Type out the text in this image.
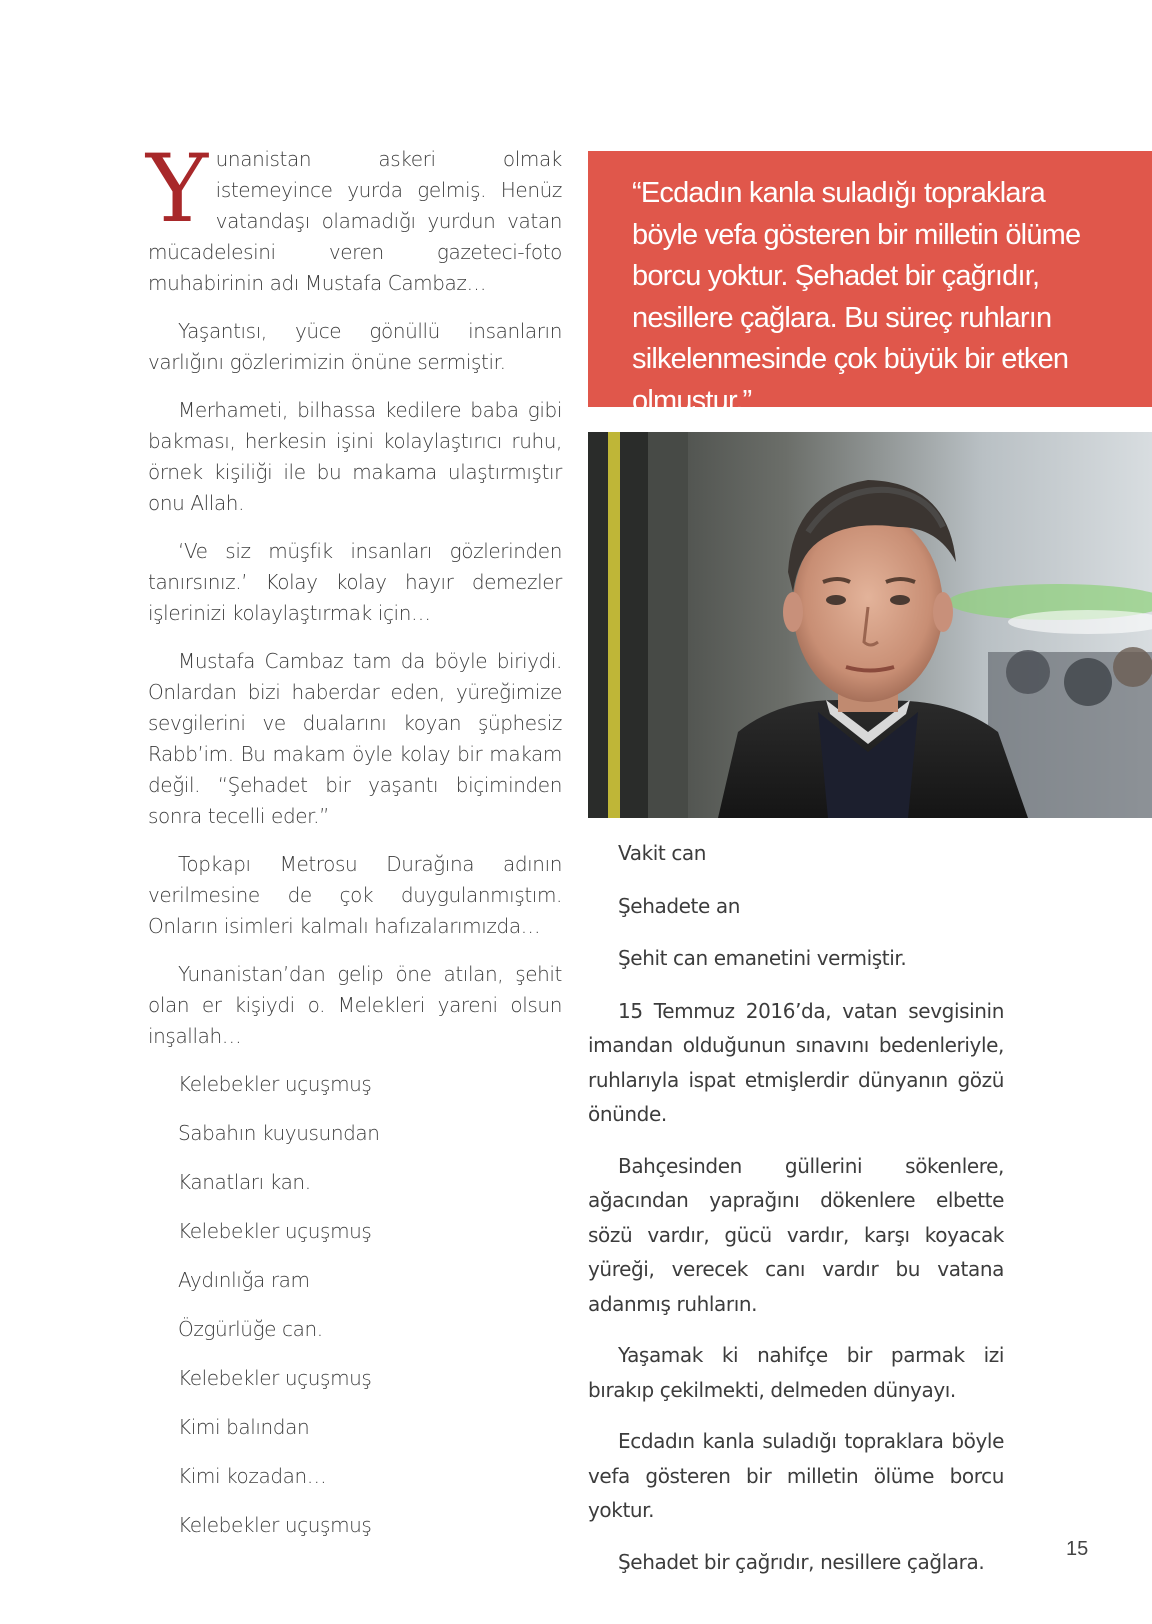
Yunanistan askeri olmak istemeyince yurda gelmiş. Henüz vatandaşı olamadığı yurdun vatan mücadelesini veren gazeteci-foto muhabirinin adı Mustafa Cambaz…

Yaşantısı, yüce gönüllü insanların varlığını gözlerimizin önüne sermiştir.

Merhameti, bilhassa kedilere baba gibi bakması, herkesin işini kolaylaştırıcı ruhu, örnek kişiliği ile bu makama ulaştırmıştır onu Allah.

‘Ve siz müşfik insanları gözlerinden tanırsınız.’ Kolay kolay hayır demezler işlerinizi kolaylaştırmak için…

Mustafa Cambaz tam da böyle biriydi. Onlardan bizi haberdar eden, yüreğimize sevgilerini ve dualarını koyan şüphesiz Rabb’im. Bu makam öyle kolay bir makam değil. “Şehadet bir yaşantı biçiminden sonra tecelli eder.”

Topkapı Metrosu Durağına adının verilmesine de çok duygulanmıştım. Onların isimleri kalmalı hafızalarımızda…

Yunanistan’dan gelip öne atılan, şehit olan er kişiydi o. Melekleri yareni olsun inşallah…

Kelebekler uçuşmuş

Sabahın kuyusundan

Kanatları kan.

Kelebekler uçuşmuş

Aydınlığa ram

Özgürlüğe can.

Kelebekler uçuşmuş

Kimi balından

Kimi kozadan…

Kelebekler uçuşmuş

“Ecdadın kanla suladığı topraklara böyle vefa gösteren bir milletin ölüme borcu yoktur. Şehadet bir çağrıdır, nesillere çağlara. Bu süreç ruhların silkelenmesinde çok büyük bir etken olmuştur.”

Vakit can

Şehadete an

Şehit can emanetini vermiştir.

15 Temmuz 2016’da, vatan sevgisinin imandan olduğunun sınavını bedenleriyle, ruhlarıyla ispat etmişlerdir dünyanın gözü önünde.

Bahçesinden güllerini sökenlere, ağacından yaprağını dökenlere elbette sözü vardır, gücü vardır, karşı koyacak yüreği, verecek canı vardır bu vatana adanmış ruhların.

Yaşamak ki nahifçe bir parmak izi bırakıp çekilmekti, delmeden dünyayı.

Ecdadın kanla suladığı topraklara böyle vefa gösteren bir milletin ölüme borcu yoktur.

Şehadet bir çağrıdır, nesillere çağlara.

15
